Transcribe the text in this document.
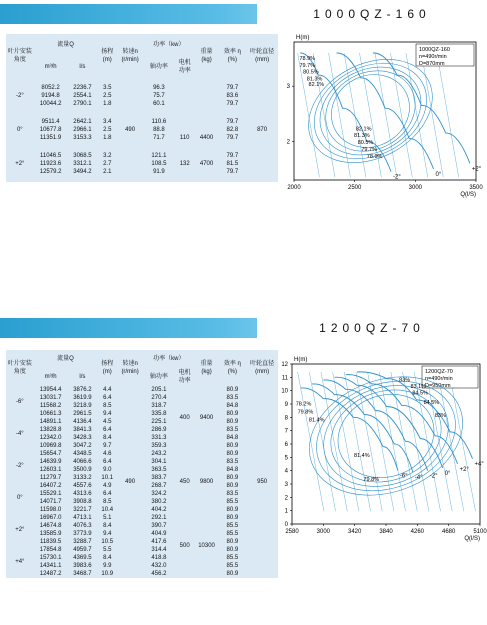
1000QZ-160
叶片安装角度	流量Q		扬程 (m)	转速n (r/min)	功率（kw）		重量 (kg)	效率 η (%)	叶轮直径 (mm)
	m³/h	l/s			轴功率	电机功率			

-2°	8052.2	2236.7	3.5	490	96.3	110	4400	79.7	870
	9194.8	2554.1	2.5		75.7			83.6	
	10044.2	2790.1	1.8		60.1			79.7	

0°	9511.4	2642.1	3.4		110.6			79.7	
	10677.8	2966.1	2.5		88.8			82.8	
	11351.9	3153.3	1.8		71.7			79.7	

+2°	11046.5	3068.5	3.2		121.1	132	4700	79.7	
	11923.6	3312.1	2.7		108.5			81.5	
	12579.2	3494.2	2.1		91.9			79.7	

2
3
2000	2500	3000	3500
H(m)
Q(l/S)
1000QZ-160
n=490r/min
D=870mm
-2°	0°
+2°
78.9%
79.7%
80.5%
81.3%
82.1%
82.1%
81.3%
80.5%
79.7%
78.9%
1200QZ-70
叶片安装角度	流量Q		扬程 (m)	转速n (r/min)	功率（kw）		重量 (kg)	效率 η (%)	叶轮直径 (mm)
	m³/h	l/s			轴功率	电机功率			
-6°	13954.4	3876.2	4.4	490	205.1	400	9400	80.9	950
	13031.7	3619.9	6.4		270.4			83.5	
	11568.2	3218.9	8.5		318.7			84.8	
	10661.3	2961.5	9.4		335.8			80.9	
-4°	14891.1	4136.4	4.5		225.1			80.9	
	13828.8	3841.3	6.4		286.9			83.5	
	12342.0	3428.3	8.4		331.3			84.8	
	10969.8	3047.2	9.7		359.3			80.9	
-2°	15654.7	4348.5	4.6		243.2	450	9800	80.9	
	14639.9	4066.6	6.4		304.1			83.5	
	12603.1	3500.9	9.0		363.5			84.8	
	11279.7	3133.2	10.1		383.7			80.9	
0°	16407.2	4557.6	4.9		268.7			80.9	
	15529.1	4313.6	6.4		324.2			83.5	
	14071.7	3908.8	8.5		380.2			85.5	
	11598.0	3221.7	10.4		404.2			80.9	
+2°	16967.0	4713.1	5.1		292.1	500	10300	80.9	
	14674.8	4076.3	8.4		390.7			85.5	
	13585.9	3773.9	9.4		404.9			85.5	
	11839.5	3288.7	10.5		417.6			80.9	
+4°	17854.8	4959.7	5.5		314.4			80.9	
	15730.1	4369.5	8.4		418.8			85.5	
	14341.1	3983.6	9.9		432.0			85.5	
	12487.2	3468.7	10.9		456.2			80.9	
0
1
2
3
4
5
6
7
8
9
10
11
12
2580	3000	3420	3840	4260	4680	5100
H(m)
Q(l/S)
1200QZ-70
n=490r/min
D=950mm
-6° -4° -2° 0°
+2°
+4°
78.2%
79.8%
81.4%
83%
83.1%
84.5%
84.5%
83%
81.4%
79.8%
